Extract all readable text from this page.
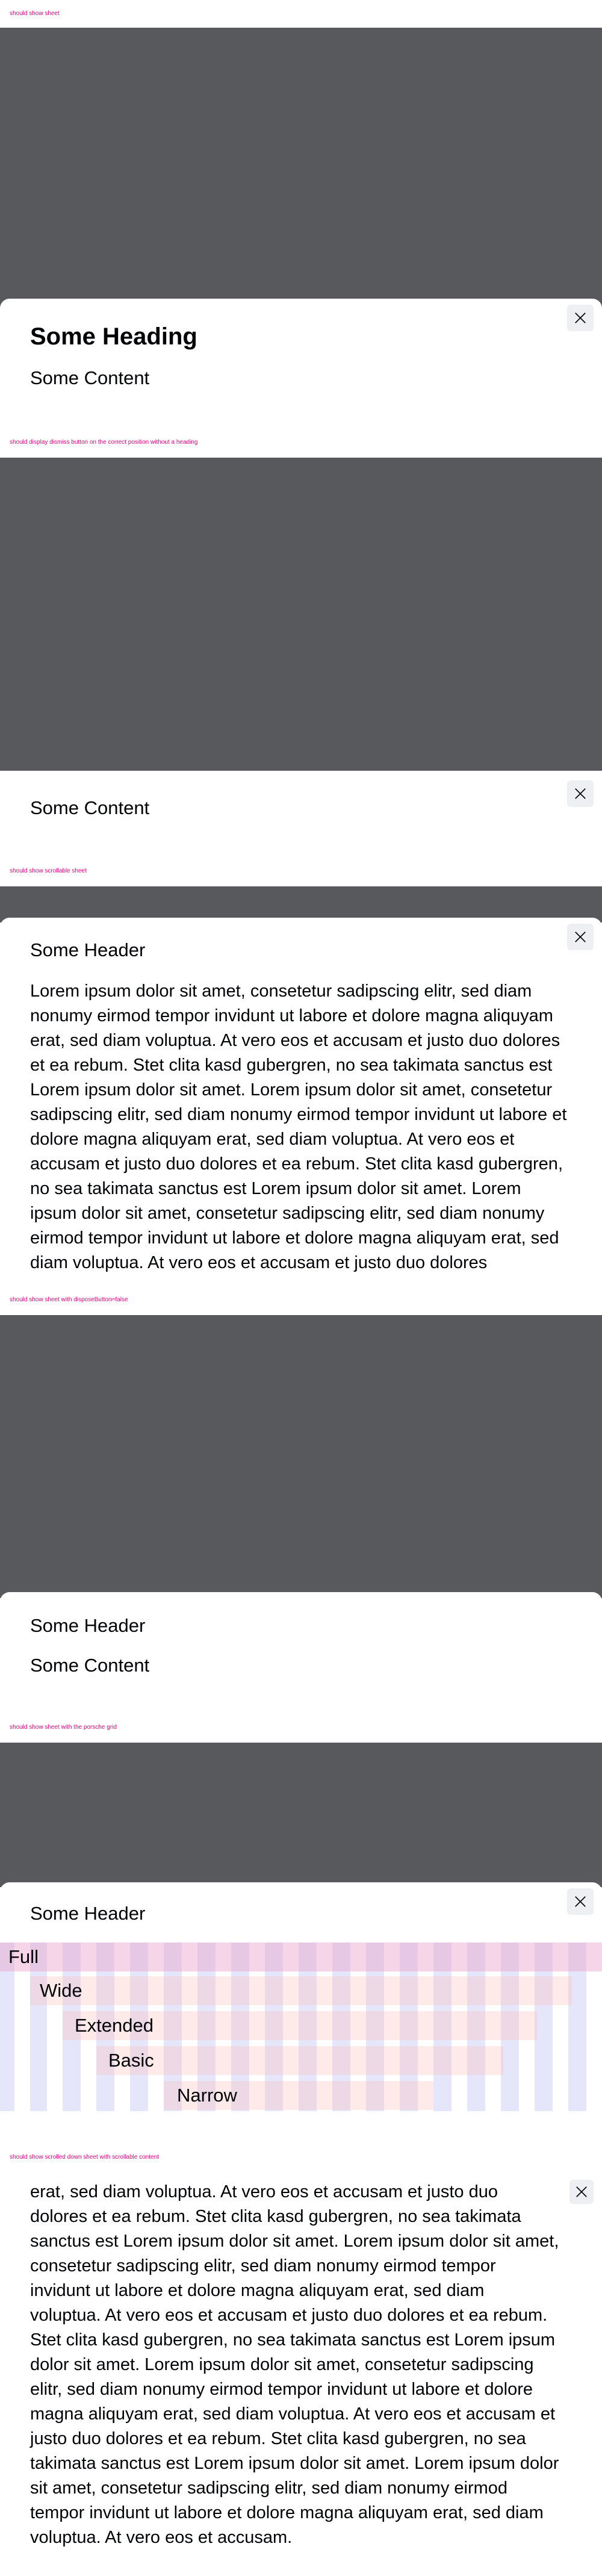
should show sheet
Some Heading
Some Content
should display dismiss button on the correct position without a heading
Some Content
should show scrollable sheet
Some Header
Lorem ipsum dolor sit amet, consetetur sadipscing elitr, sed diam nonumy eirmod tempor invidunt ut labore et dolore magna aliquyam erat, sed diam voluptua. At vero eos et accusam et justo duo dolores et ea rebum. Stet clita kasd gubergren, no sea takimata sanctus est Lorem ipsum dolor sit amet. Lorem ipsum dolor sit amet, consetetur sadipscing elitr, sed diam nonumy eirmod tempor invidunt ut labore et dolore magna aliquyam erat, sed diam voluptua. At vero eos et accusam et justo duo dolores et ea rebum. Stet clita kasd gubergren, no sea takimata sanctus est Lorem ipsum dolor sit amet. Lorem ipsum dolor sit amet, consetetur sadipscing elitr, sed diam nonumy eirmod tempor invidunt ut labore et dolore magna aliquyam erat, sed diam voluptua. At vero eos et accusam et justo duo dolores
should show sheet with disposeButton=false
Some Header
Some Content
should show sheet with the porsche grid
Some Header
Full
Wide
Extended
Basic
Narrow
should show scrolled down sheet with scrollable content
erat, sed diam voluptua. At vero eos et accusam et justo duo dolores et ea rebum. Stet clita kasd gubergren, no sea takimata sanctus est Lorem ipsum dolor sit amet. Lorem ipsum dolor sit amet, consetetur sadipscing elitr, sed diam nonumy eirmod tempor invidunt ut labore et dolore magna aliquyam erat, sed diam voluptua. At vero eos et accusam et justo duo dolores et ea rebum. Stet clita kasd gubergren, no sea takimata sanctus est Lorem ipsum dolor sit amet. Lorem ipsum dolor sit amet, consetetur sadipscing elitr, sed diam nonumy eirmod tempor invidunt ut labore et dolore magna aliquyam erat, sed diam voluptua. At vero eos et accusam et justo duo dolores et ea rebum. Stet clita kasd gubergren, no sea takimata sanctus est Lorem ipsum dolor sit amet. Lorem ipsum dolor sit amet, consetetur sadipscing elitr, sed diam nonumy eirmod tempor invidunt ut labore et dolore magna aliquyam erat, sed diam voluptua. At vero eos et accusam.
